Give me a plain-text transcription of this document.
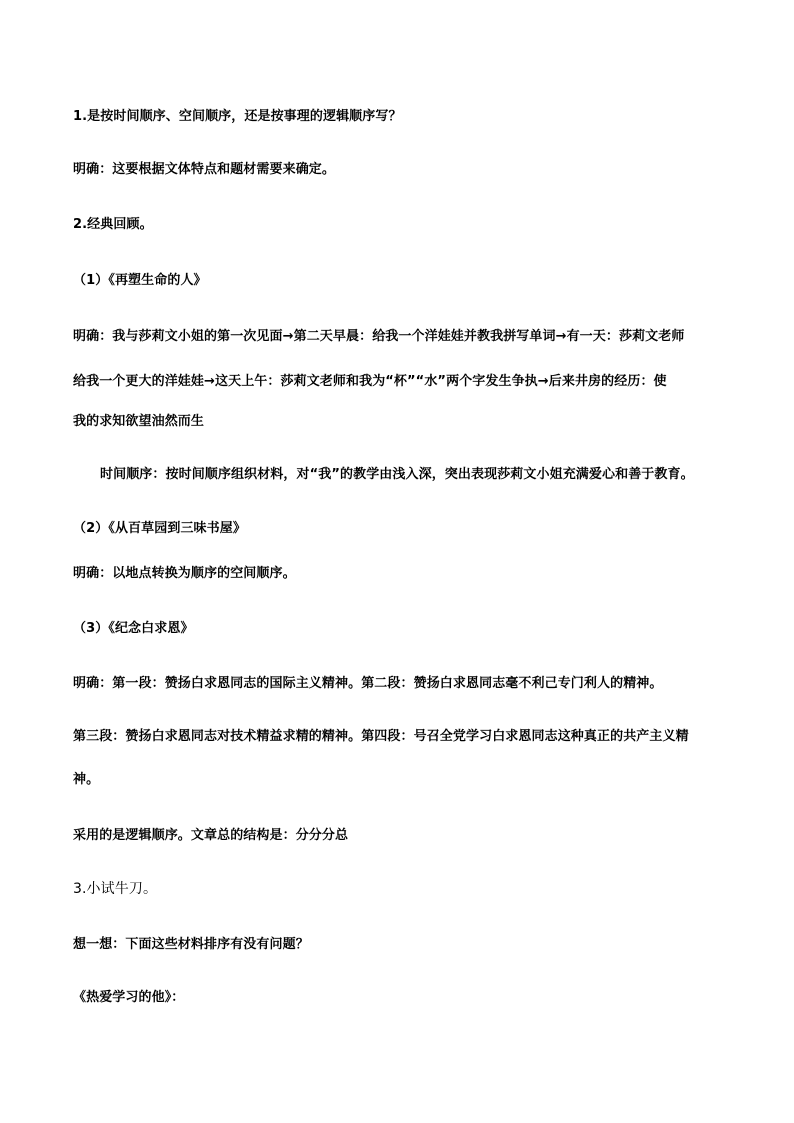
1.是按时间顺序、空间顺序，还是按事理的逻辑顺序写？
明确：这要根据文体特点和题材需要来确定。
2.经典回顾。
（1）《再塑生命的人》
明确：我与莎莉文小姐的第一次见面→第二天早晨：给我一个洋娃娃并教我拼写单词→有一天：莎莉文老师
给我一个更大的洋娃娃→这天上午：莎莉文老师和我为“杯”“水”两个字发生争执→后来井房的经历：使
我的求知欲望油然而生
时间顺序：按时间顺序组织材料，对“我”的教学由浅入深，突出表现莎莉文小姐充满爱心和善于教育。
（2）《从百草园到三味书屋》
明确：以地点转换为顺序的空间顺序。
（3）《纪念白求恩》
明确：第一段：赞扬白求恩同志的国际主义精神。第二段：赞扬白求恩同志毫不利己专门利人的精神。
第三段：赞扬白求恩同志对技术精益求精的精神。第四段：号召全党学习白求恩同志这种真正的共产主义精
神。
采用的是逻辑顺序。文章总的结构是：分分分总
3.小试牛刀。
想一想：下面这些材料排序有没有问题？
《热爱学习的他》：
